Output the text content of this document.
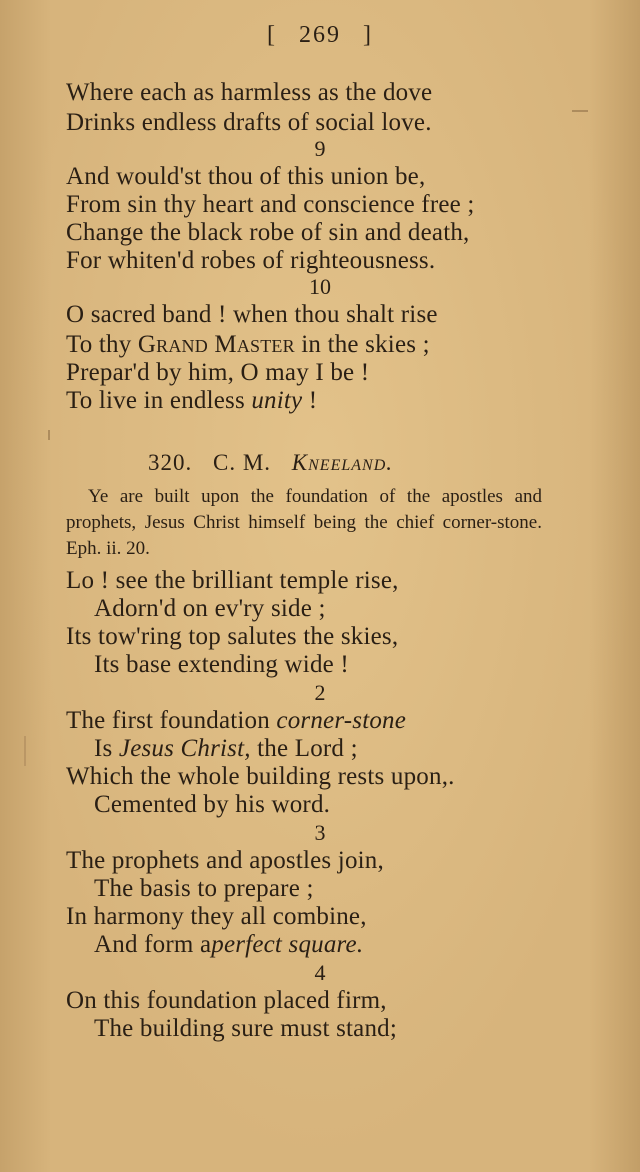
[ 269 ]
Where each as harmless as the dove
Drinks endless drafts of social love.
9
And would'st thou of this union be,
From sin thy heart and conscience free ;
Change the black robe of sin and death,
For whiten'd robes of righteousness.
10
O sacred band ! when thou shalt rise
To thy Grand Master in the skies ;
Prepar'd by him, O may I be !
To live in endless unity !
320. C. M. Kneeland.
Ye are built upon the foundation of the apostles and prophets, Jesus Christ himself being the chief corner-stone. Eph. ii. 20.
Lo ! see the brilliant temple rise,
Adorn'd on ev'ry side ;
Its tow'ring top salutes the skies,
Its base extending wide !
2
The first foundation corner-stone
Is Jesus Christ, the Lord ;
Which the whole building rests upon,.
Cemented by his word.
3
The prophets and apostles join,
The basis to prepare ;
In harmony they all combine,
And form aperfect square.
4
On this foundation placed firm,
The building sure must stand;
